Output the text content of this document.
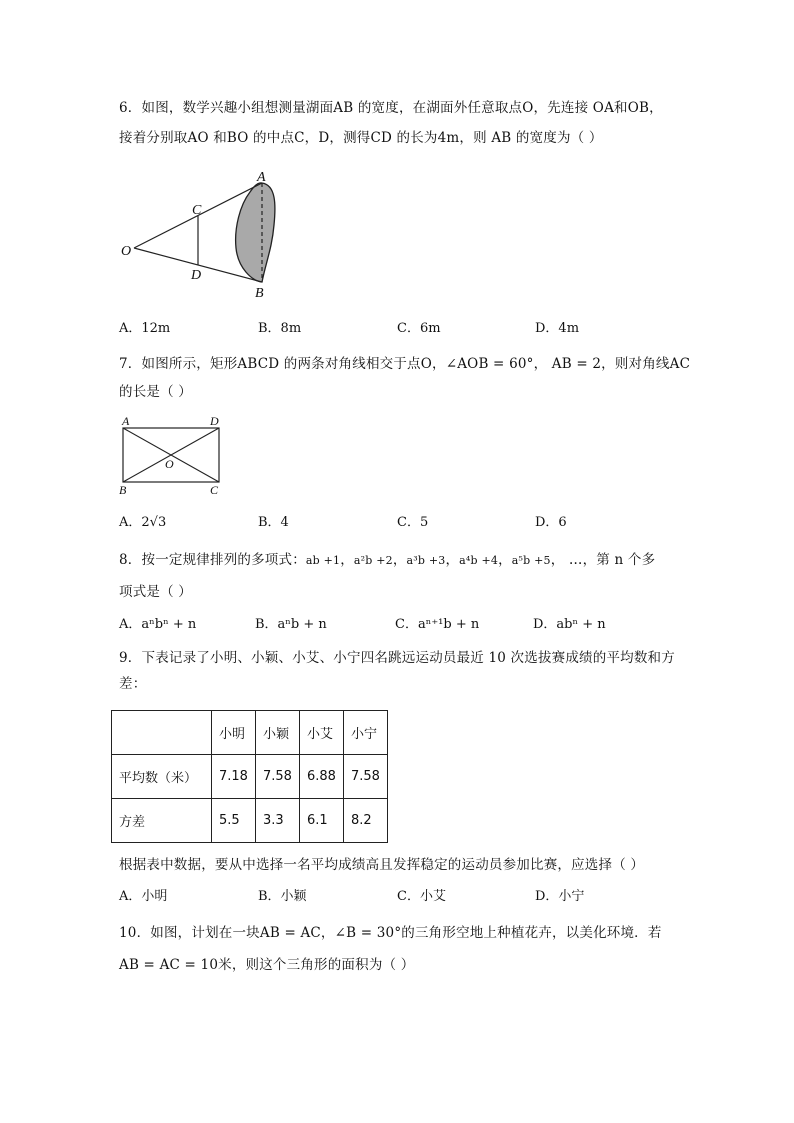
6．如图，数学兴趣小组想测量湖面AB 的宽度，在湖面外任意取点O，先连接 OA和OB，
接着分别取AO 和BO 的中点C，D，测得CD 的长为4m，则 AB 的宽度为（ ）
O
A
B
C
D
A．12m	B．8m	C．6m	D．4m
7．如图所示，矩形ABCD 的两条对角线相交于点O，∠AOB = 60°， AB = 2，则对角线AC
的长是（ ）
A	D
B	C
O
A．2√3	B．4	C．5	D．6
8．按一定规律排列的多项式：ab +1，a²b +2，a³b +3，a⁴b +4，a⁵b +5， …，第 n 个多
项式是（ ）
A．aⁿbⁿ + n	B．aⁿb + n	C．aⁿ⁺¹b + n	D．abⁿ + n
9．下表记录了小明、小颖、小艾、小宁四名跳远运动员最近 10 次选拔赛成绩的平均数和方
差：
	小明	小颖	小艾	小宁
平均数（米）	7.18	7.58	6.88	7.58
方差	5.5	3.3	6.1	8.2
根据表中数据，要从中选择一名平均成绩高且发挥稳定的运动员参加比赛，应选择（ ）
A．小明	B．小颖	C．小艾	D．小宁
10．如图，计划在一块AB = AC，∠B = 30°的三角形空地上种植花卉，以美化环境．若
AB = AC = 10米，则这个三角形的面积为（ ）
